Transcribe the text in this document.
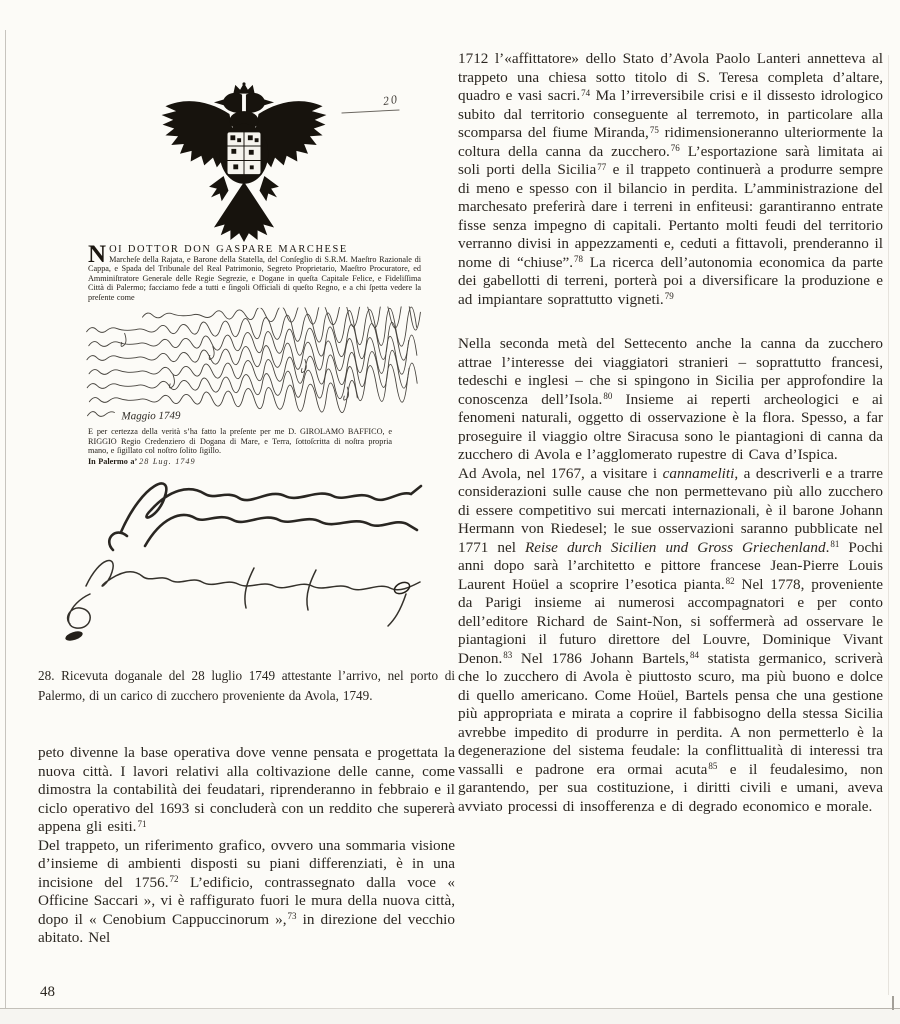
20
N OI DOTTOR DON GASPARE MARCHESE
Marcheſe della Rajata, e Barone della Statella, del Conſeglio di S.R.M. Maeſtro Razionale di Cappa, e Spada del Tribunale del Real Patrimonio, Segreto Proprietario, Maeſtro Procuratore, ed Amminiſtratore Generale delle Regie Segrezie, e Dogane in queſta Capitale Felice, e Fideliſſima Città di Palermo; facciamo fede a tutti e ſingoli Officiali di queſto Regno, e a chi ſpetta vedere la preſente come
Maggio 1749
E per certezza della verità s’ha fatto la preſente per me D. GIROLAMO BAFFICO, e RIGGIO Regio Credenziero di Dogana di Mare, e Terra, ſottoſcritta di noſtra propria mano, e ſigillato col noſtro ſolito ſigillo.
In Palermo a’ 28 Lug. 1749
28. Ricevuta doganale del 28 luglio 1749 attestante l’arrivo, nel porto di Palermo, di un carico di zucchero proveniente da Avola, 1749.

peto divenne la base operativa dove venne pensata e progettata la nuova città. I lavori relativi alla coltivazione delle canne, come dimostra la contabilità dei feudatari, riprenderanno in febbraio e il ciclo operativo del 1693 si concluderà con un reddito che supererà appena gli esiti.$^{71}$

Del trappeto, un riferimento grafico, ovvero una sommaria visione d’insieme di ambienti disposti su piani differenziati, è in una incisione del 1756.72 L’edificio, contrassegnato dalla voce « Officine Saccari », vi è raffigurato fuori le mura della nuova città, dopo il « Cenobium Cappuccinorum »,$^{73}$ in direzione del vecchio abitato. Nel

1712 l’«affittatore» dello Stato d’Avola Paolo Lanteri annetteva al trappeto una chiesa sotto titolo di S. Teresa completa d’altare, quadro e vasi sacri.$^{74}$ Ma l’irreversibile crisi e il dissesto idrologico subito dal territorio conseguente al terremoto, in particolare alla scomparsa del fiume Miranda,$^{75}$ ridimensioneranno ulteriormente la coltura della canna da zucchero.$^{76}$ L’esportazione sarà limitata ai soli porti della Sicilia$^{77}$ e il trappeto continuerà a produrre sempre di meno e spesso con il bilancio in perdita. L’amministrazione del marchesato preferirà dare i terreni in enfiteusi: garantiranno entrate fisse senza impegno di capitali. Pertanto molti feudi del territorio verranno divisi in appezzamenti e, ceduti a fittavoli, prenderanno il nome di “chiuse”.$^{78}$ La ricerca dell’autonomia economica da parte dei gabellotti di terreni, porterà poi a diversificare la produzione e ad impiantare soprattutto vigneti.$^{79}$

Nella seconda metà del Settecento anche la canna da zucchero attrae l’interesse dei viaggiatori stranieri – soprattutto francesi, tedeschi e inglesi – che si spingono in Sicilia per approfondire la conoscenza dell’Isola.$^{80}$ Insieme ai reperti archeologici e ai fenomeni naturali, oggetto di osservazione è la flora. Spesso, a far proseguire il viaggio oltre Siracusa sono le piantagioni di canna da zucchero di Avola e l’agglomerato rupestre di Cava d’Ispica.

Ad Avola, nel 1767, a visitare i cannameliti, a descriverli e a trarre considerazioni sulle cause che non permettevano più allo zucchero di essere competitivo sui mercati internazionali, è il barone Johann Hermann von Riedesel; le sue osservazioni saranno pubblicate nel 1771 nel Reise durch Sicilien und Gross Griechenland.$^{81}$ Pochi anni dopo sarà l’architetto e pittore francese Jean-Pierre Louis Laurent Hoüel a scoprire l’esotica pianta.$^{82}$ Nel 1778, proveniente da Parigi insieme ai numerosi accompagnatori e per conto dell’editore Richard de Saint-Non, si soffermerà ad osservare le piantagioni il futuro direttore del Louvre, Dominique Vivant Denon.$^{83}$ Nel 1786 Johann Bartels,$^{84}$ statista germanico, scriverà che lo zucchero di Avola è piuttosto scuro, ma più buono e dolce di quello americano. Come Hoüel, Bartels pensa che una gestione più appropriata e mirata a coprire il fabbisogno della stessa Sicilia avrebbe impedito di produrre in perdita. A non permetterlo è la degenerazione del sistema feudale: la conflittualità di interessi tra vassalli e padrone era ormai acuta$^{85}$ e il feudalesimo, non garantendo, per sua costituzione, i diritti civili e umani, aveva avviato processi di insofferenza e di degrado economico e morale.

48
